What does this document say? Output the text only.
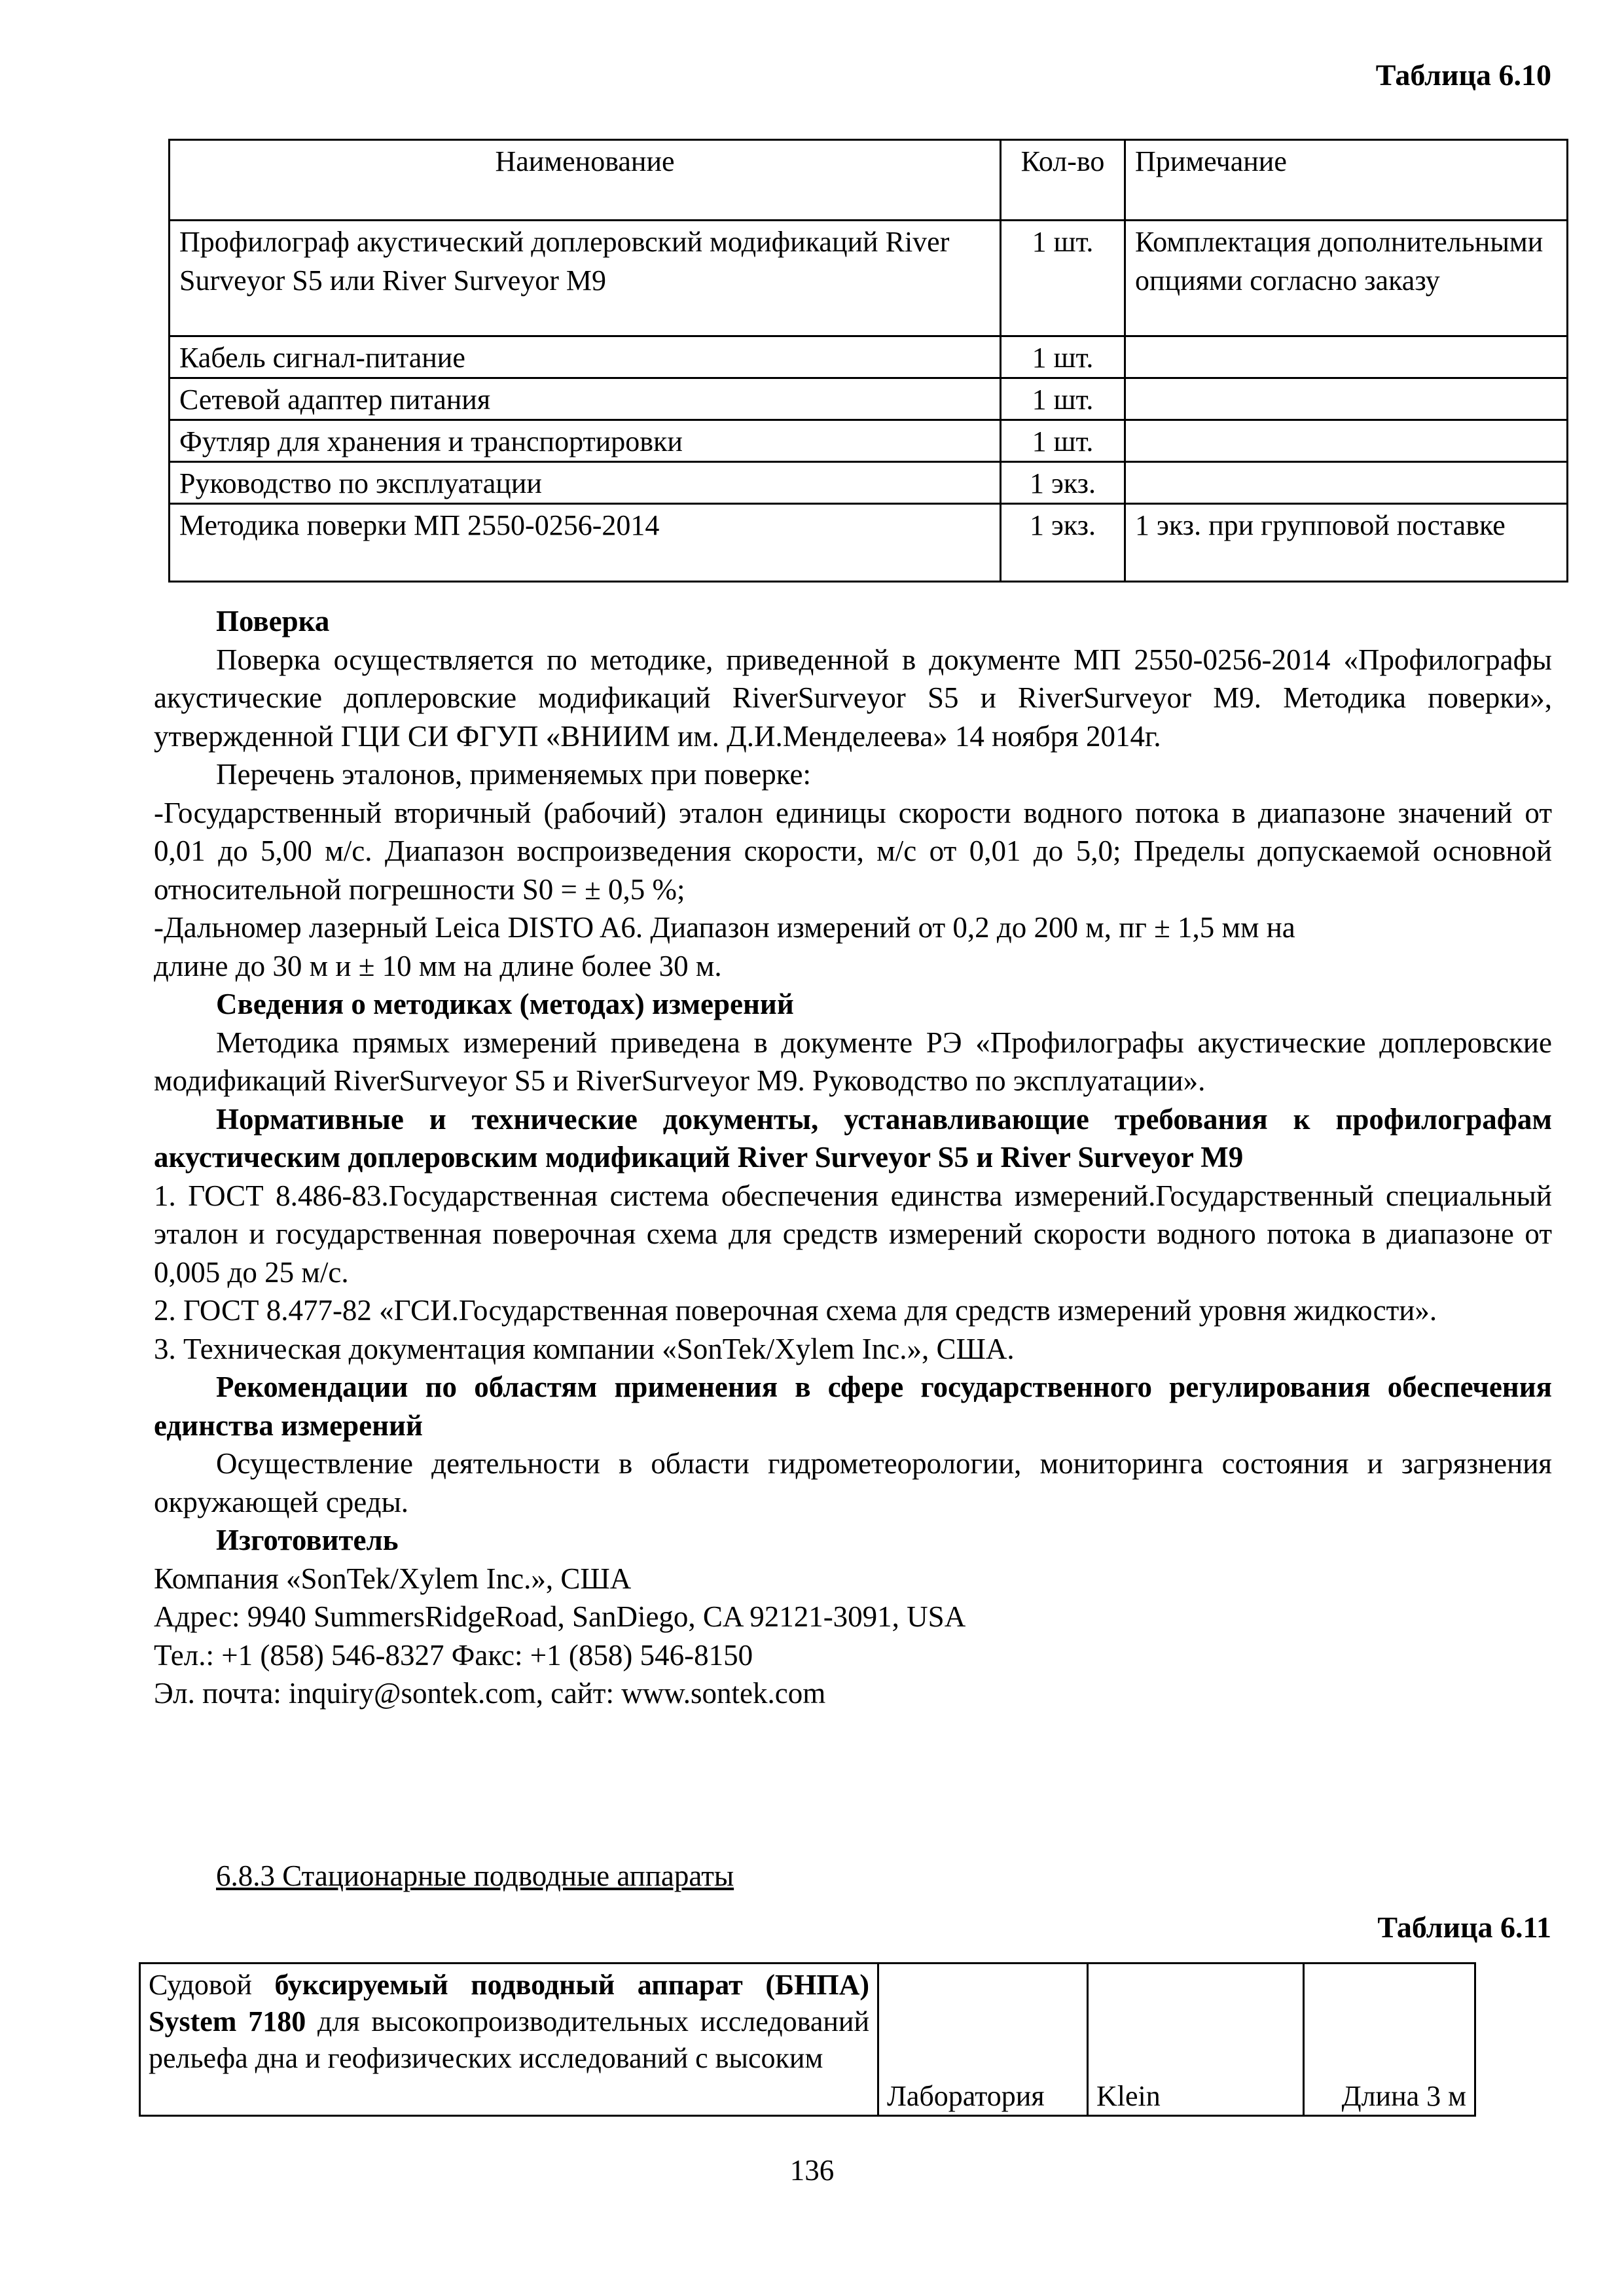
Таблица 6.10
Наименование	Кол-во	Примечание
Профилограф акустический доплеровский модификаций River Surveyor S5 или River Surveyor M9	1 шт.	Комплектация дополнительными опциями согласно заказу
Кабель сигнал-питание	1 шт.	
Сетевой адаптер питания	1 шт.	
Футляр для хранения и транспортировки	1 шт.	
Руководство по эксплуатации	1 экз.	
Методика поверки МП 2550-0256-2014	1 экз.	1 экз. при групповой поставке

Поверка

Поверка осуществляется по методике, приведенной в документе МП 2550-0256-2014 «Профилографы акустические доплеровские модификаций RiverSurveyor S5 и RiverSurveyor M9. Методика поверки», утвержденной ГЦИ СИ ФГУП «ВНИИМ им. Д.И.Менделеева» 14 ноября 2014г.

Перечень эталонов, применяемых при поверке:

-Государственный вторичный (рабочий) эталон единицы скорости водного потока в диапазоне значений от 0,01 до 5,00 м/с. Диапазон воспроизведения скорости, м/с от 0,01 до 5,0; Пределы допускаемой основной относительной погрешности S0 = ± 0,5 %;

-Дальномер лазерный Leica DISTO A6. Диапазон измерений от 0,2 до 200 м, пг ± 1,5 мм на
длине до 30 м и ± 10 мм на длине более 30 м.

Сведения о методиках (методах) измерений

Методика прямых измерений приведена в документе РЭ «Профилографы акустические доплеровские модификаций RiverSurveyor S5 и RiverSurveyor M9. Руководство по эксплуатации».

Нормативные и технические документы, устанавливающие требования к профилографам акустическим доплеровским модификаций River Surveyor S5 и River Surveyor M9

1. ГОСТ 8.486-83.Государственная система обеспечения единства измерений.Государственный специальный эталон и государственная поверочная схема для средств измерений скорости водного потока в диапазоне от 0,005 до 25 м/с.

2. ГОСТ 8.477-82 «ГСИ.Государственная поверочная схема для средств измерений уровня жидкости».

3. Техническая документация компании «SonTek/Xylem Inc.», США.

Рекомендации по областям применения в сфере государственного регулирования обеспечения единства измерений

Осуществление деятельности в области гидрометеорологии, мониторинга состояния и загрязнения окружающей среды.

Изготовитель

Компания «SonTek/Xylem Inc.», США

Адрес: 9940 SummersRidgeRoad, SanDiego, CA 92121-3091, USA

Тел.: +1 (858) 546-8327 Факс: +1 (858) 546-8150

Эл. почта: inquiry@sontek.com, сайт: www.sontek.com

6.8.3 Стационарные подводные аппараты
Таблица 6.11
Судовой буксируемый подводный аппарат (БНПА) System 7180 для высокопроизводительных исследований рельефа дна и геофизических исследований с высоким	Лаборатория	Klein	Длина 3 м
136
